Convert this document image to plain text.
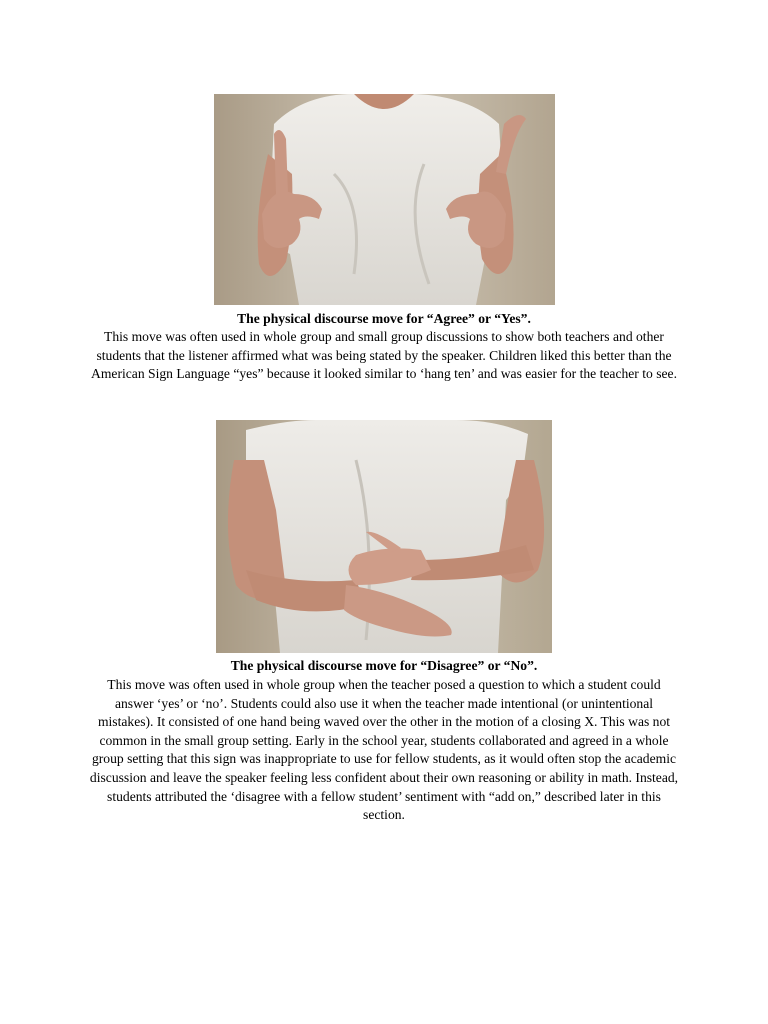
The physical discourse move for “Agree” or “Yes”.

This move was often used in whole group and small group discussions to show both teachers and other students that the listener affirmed what was being stated by the speaker. Children liked this better than the American Sign Language “yes” because it looked similar to ‘hang ten’ and was easier for the teacher to see.

The physical discourse move for “Disagree” or “No”.

This move was often used in whole group when the teacher posed a question to which a student could answer ‘yes’ or ‘no’. Students could also use it when the teacher made intentional (or unintentional mistakes). It consisted of one hand being waved over the other in the motion of a closing X. This was not common in the small group setting. Early in the school year, students collaborated and agreed in a whole group setting that this sign was inappropriate to use for fellow students, as it would often stop the academic discussion and leave the speaker feeling less confident about their own reasoning or ability in math. Instead, students attributed the ‘disagree with a fellow student’ sentiment with “add on,” described later in this section.
